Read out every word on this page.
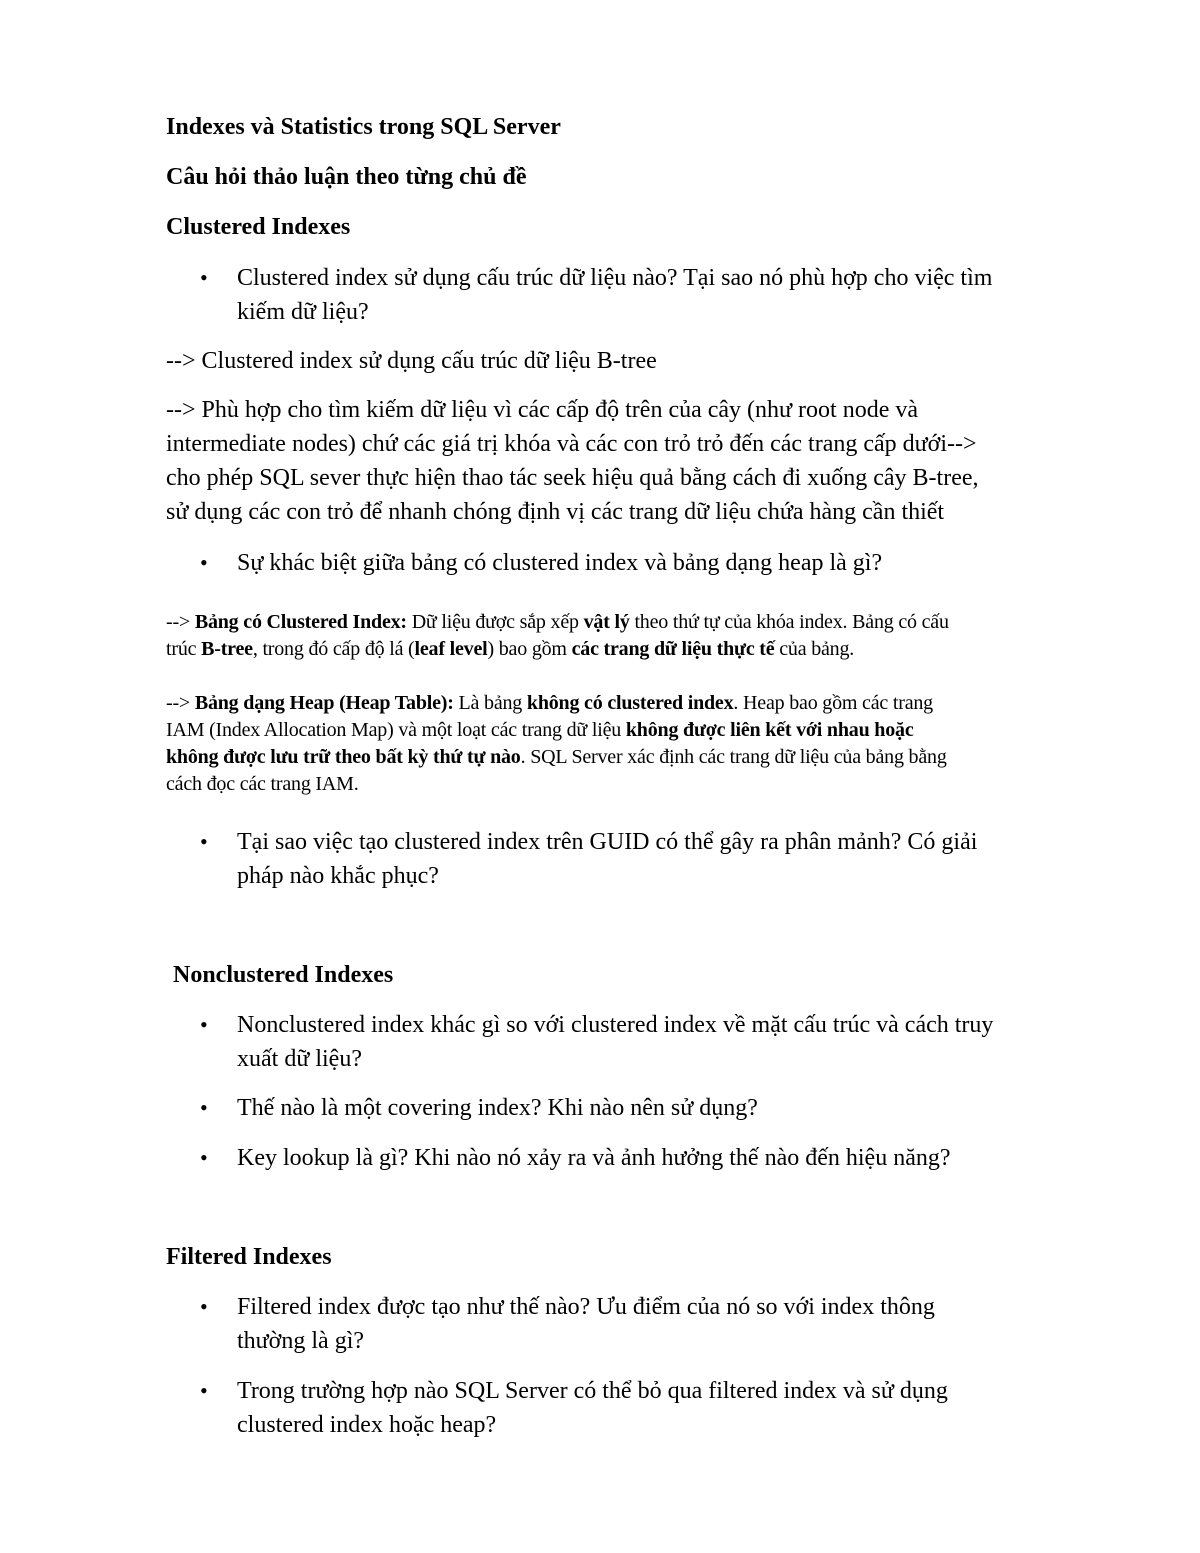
Indexes và Statistics trong SQL Server
Câu hỏi thảo luận theo từng chủ đề
Clustered Indexes
• Clustered index sử dụng cấu trúc dữ liệu nào? Tại sao nó phù hợp cho việc tìm
kiếm dữ liệu?
--> Clustered index sử dụng cấu trúc dữ liệu B-tree
--> Phù hợp cho tìm kiếm dữ liệu vì các cấp độ trên của cây (như root node và
intermediate nodes) chứ các giá trị khóa và các con trỏ trỏ đến các trang cấp dưới-->
cho phép SQL sever thực hiện thao tác seek hiệu quả bằng cách đi xuống cây B-tree,
sử dụng các con trỏ để nhanh chóng định vị các trang dữ liệu chứa hàng cần thiết
• Sự khác biệt giữa bảng có clustered index và bảng dạng heap là gì?
--> Bảng có Clustered Index: Dữ liệu được sắp xếp vật lý theo thứ tự của khóa index. Bảng có cấu
trúc B-tree, trong đó cấp độ lá (leaf level) bao gồm các trang dữ liệu thực tế của bảng.
--> Bảng dạng Heap (Heap Table): Là bảng không có clustered index. Heap bao gồm các trang
IAM (Index Allocation Map) và một loạt các trang dữ liệu không được liên kết với nhau hoặc
không được lưu trữ theo bất kỳ thứ tự nào. SQL Server xác định các trang dữ liệu của bảng bằng
cách đọc các trang IAM.
• Tại sao việc tạo clustered index trên GUID có thể gây ra phân mảnh? Có giải
pháp nào khắc phục?
Nonclustered Indexes
• Nonclustered index khác gì so với clustered index về mặt cấu trúc và cách truy
xuất dữ liệu?
• Thế nào là một covering index? Khi nào nên sử dụng?
• Key lookup là gì? Khi nào nó xảy ra và ảnh hưởng thế nào đến hiệu năng?
Filtered Indexes
• Filtered index được tạo như thế nào? Ưu điểm của nó so với index thông
thường là gì?
• Trong trường hợp nào SQL Server có thể bỏ qua filtered index và sử dụng
clustered index hoặc heap?
